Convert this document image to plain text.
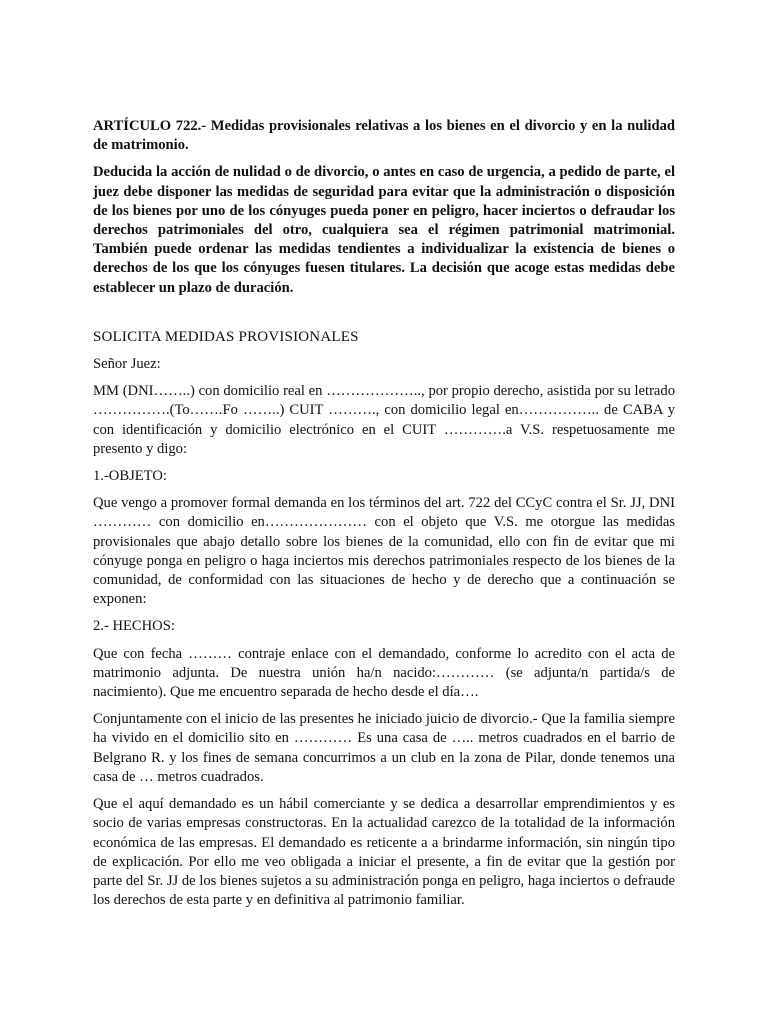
ARTÍCULO 722.- Medidas provisionales relativas a los bienes en el divorcio y en la nulidad de matrimonio.

Deducida la acción de nulidad o de divorcio, o antes en caso de urgencia, a pedido de parte, el juez debe disponer las medidas de seguridad para evitar que la administración o disposición de los bienes por uno de los cónyuges pueda poner en peligro, hacer inciertos o defraudar los derechos patrimoniales del otro, cualquiera sea el régimen patrimonial matrimonial. También puede ordenar las medidas tendientes a individualizar la existencia de bienes o derechos de los que los cónyuges fuesen titulares. La decisión que acoge estas medidas debe establecer un plazo de duración.

SOLICITA MEDIDAS PROVISIONALES

Señor Juez:

MM (DNI……..) con domicilio real en ……………….., por propio derecho, asistida por su letrado …………….(To…….Fo ……..) CUIT ………., con domicilio legal en…………….. de CABA y con identificación y domicilio electrónico en el CUIT ………….a V.S. respetuosamente me presento y digo:

1.-OBJETO:

Que vengo a promover formal demanda en los términos del art. 722 del CCyC contra el Sr. JJ, DNI ………… con domicilio en………………… con el objeto que V.S. me otorgue las medidas provisionales que abajo detallo sobre los bienes de la comunidad, ello con fin de evitar que mi cónyuge ponga en peligro o haga inciertos mis derechos patrimoniales respecto de los bienes de la comunidad, de conformidad con las situaciones de hecho y de derecho que a continuación se exponen:

2.- HECHOS:

Que con fecha ……… contraje enlace con el demandado, conforme lo acredito con el acta de matrimonio adjunta. De nuestra unión ha/n nacido:………… (se adjunta/n partida/s de nacimiento). Que me encuentro separada de hecho desde el día….

Conjuntamente con el inicio de las presentes he iniciado juicio de divorcio.- Que la familia siempre ha vivido en el domicilio sito en ………… Es una casa de ….. metros cuadrados en el barrio de Belgrano R. y los fines de semana concurrimos a un club en la zona de Pilar, donde tenemos una casa de … metros cuadrados.

Que el aquí demandado es un hábil comerciante y se dedica a desarrollar emprendimientos y es socio de varias empresas constructoras. En la actualidad carezco de la totalidad de la información económica de las empresas. El demandado es reticente a a brindarme información, sin ningún tipo de explicación. Por ello me veo obligada a iniciar el presente, a fin de evitar que la gestión por parte del Sr. JJ de los bienes sujetos a su administración ponga en peligro, haga inciertos o defraude los derechos de esta parte y en definitiva al patrimonio familiar.
